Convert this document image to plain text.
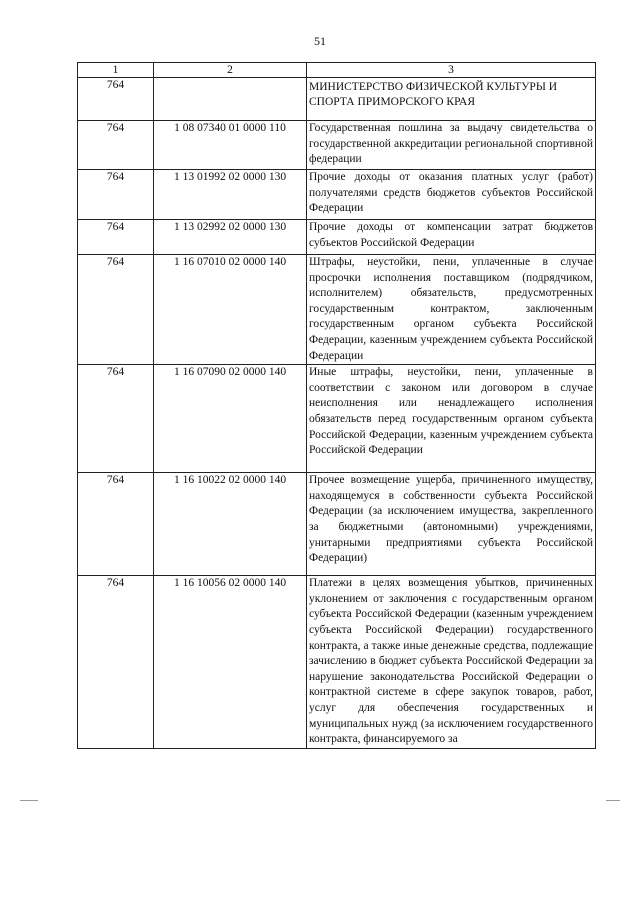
51
1	2	3
764		МИНИСТЕРСТВО ФИЗИЧЕСКОЙ КУЛЬТУРЫ И СПОРТА ПРИМОРСКОГО КРАЯ
764	1 08 07340 01 0000 110	Государственная пошлина за выдачу свидетельства о государственной аккредитации региональной спортивной федерации
764	1 13 01992 02 0000 130	Прочие доходы от оказания платных услуг (работ) получателями средств бюджетов субъектов Российской Федерации
764	1 13 02992 02 0000 130	Прочие доходы от компенсации затрат бюджетов субъектов Российской Федерации
764	1 16 07010 02 0000 140	Штрафы, неустойки, пени, уплаченные в случае просрочки исполнения поставщиком (подрядчиком, исполнителем) обязательств, предусмотренных государственным контрактом, заключенным государственным органом субъекта Российской Федерации, казенным учреждением субъекта Российской Федерации
764	1 16 07090 02 0000 140	Иные штрафы, неустойки, пени, уплаченные в соответствии с законом или договором в случае неисполнения или ненадлежащего исполнения обязательств перед государственным органом субъекта Российской Федерации, казенным учреждением субъекта Российской Федерации
764	1 16 10022 02 0000 140	Прочее возмещение ущерба, причиненного имуществу, находящемуся в собственности субъекта Российской Федерации (за исключением имущества, закрепленного за бюджетными (автономными) учреждениями, унитарными предприятиями субъекта Российской Федерации)
764	1 16 10056 02 0000 140	Платежи в целях возмещения убытков, причиненных уклонением от заключения с государственным органом субъекта Российской Федерации (казенным учреждением субъекта Российской Федерации) государственного контракта, а также иные денежные средства, подлежащие зачислению в бюджет субъекта Российской Федерации за нарушение законодательства Российской Федерации о контрактной системе в сфере закупок товаров, работ, услуг для обеспечения государственных и муниципальных нужд (за исключением государственного контракта, финансируемого за
